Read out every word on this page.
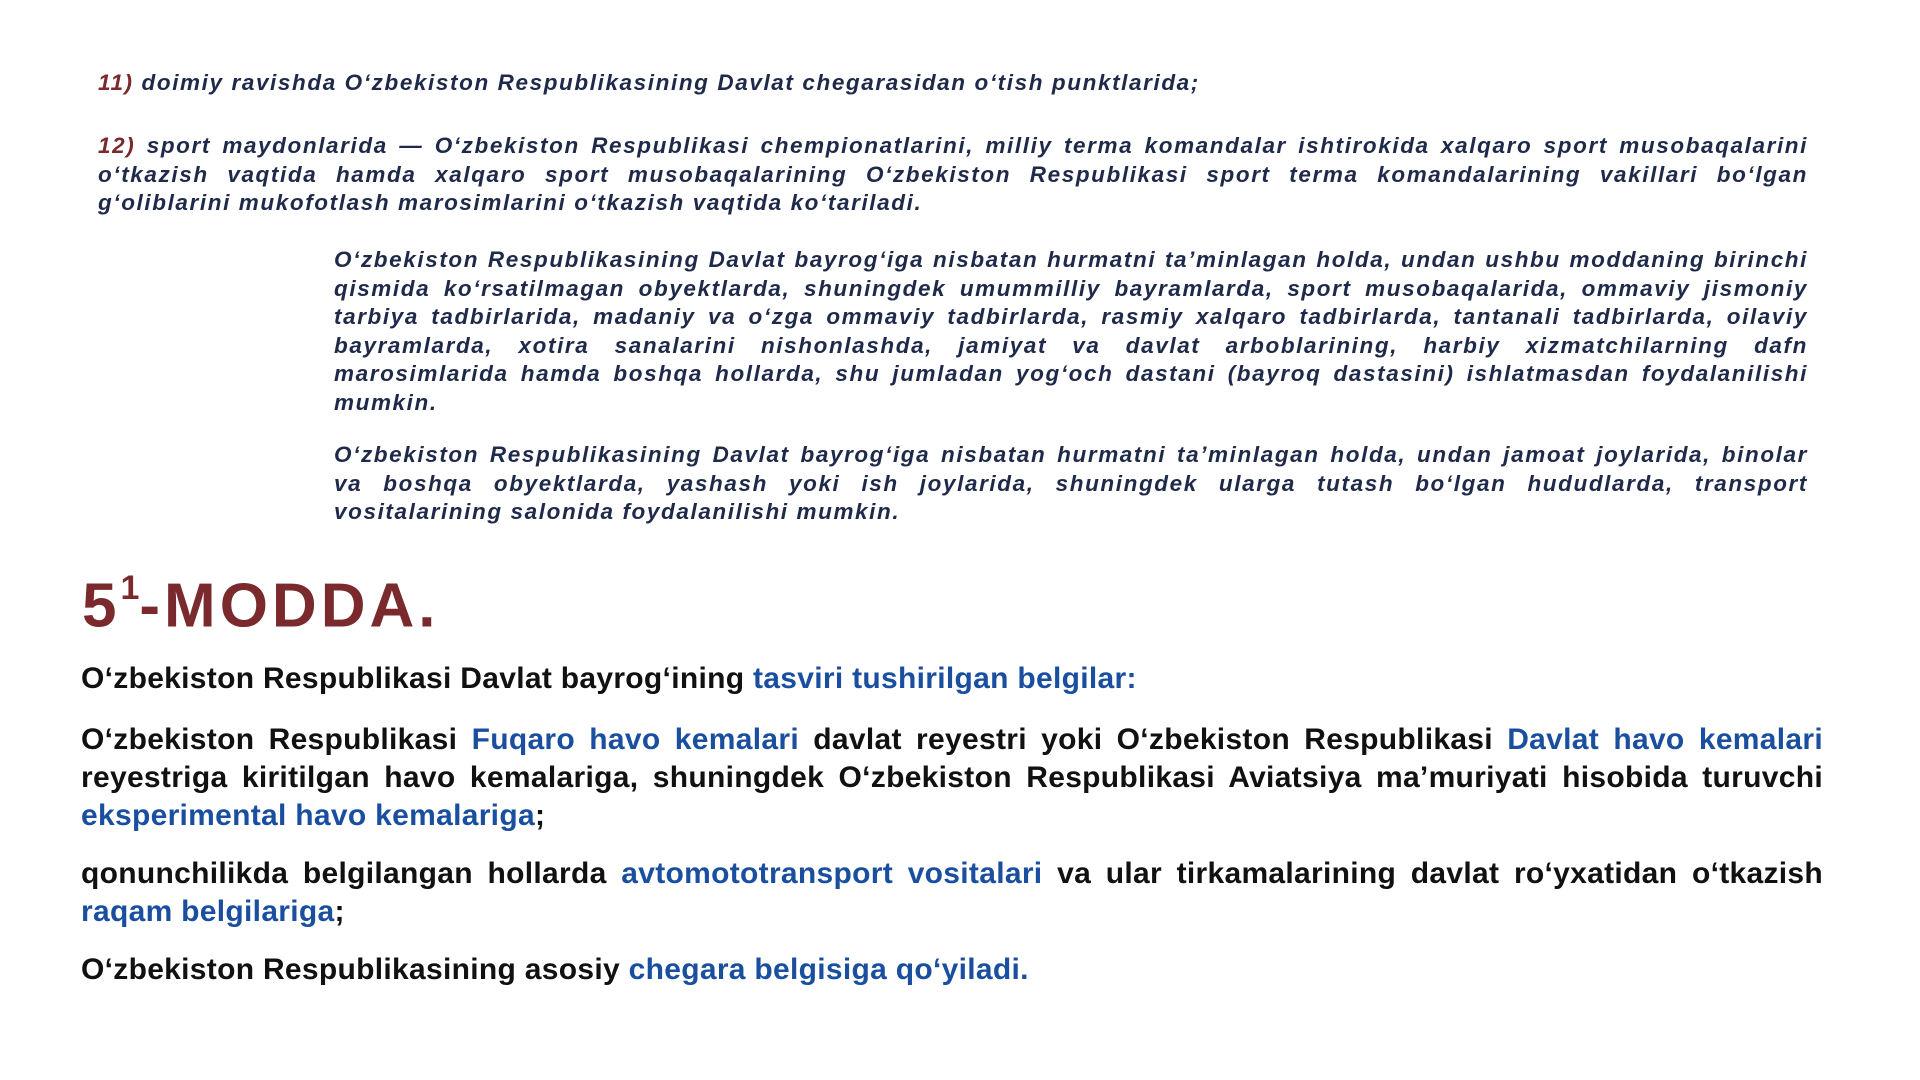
11) doimiy ravishda O‘zbekiston Respublikasining Davlat chegarasidan o‘tish punktlarida;

12) sport maydonlarida — O‘zbekiston Respublikasi chempionatlarini, milliy terma komandalar ishtirokida xalqaro sport musobaqalarini o‘tkazish vaqtida hamda xalqaro sport musobaqalarining O‘zbekiston Respublikasi sport terma komandalarining vakillari bo‘lgan g‘oliblarini mukofotlash marosimlarini o‘tkazish vaqtida ko‘tariladi.

O‘zbekiston Respublikasining Davlat bayrog‘iga nisbatan hurmatni ta’minlagan holda, undan ushbu moddaning birinchi qismida ko‘rsatilmagan obyektlarda, shuningdek umummilliy bayramlarda, sport musobaqalarida, ommaviy jismoniy tarbiya tadbirlarida, madaniy va o‘zga ommaviy tadbirlarda, rasmiy xalqaro tadbirlarda, tantanali tadbirlarda, oilaviy bayramlarda, xotira sanalarini nishonlashda, jamiyat va davlat arboblarining, harbiy xizmatchilarning dafn marosimlarida hamda boshqa hollarda, shu jumladan yog‘och dastani (bayroq dastasini) ishlatmasdan foydalanilishi mumkin.

O‘zbekiston Respublikasining Davlat bayrog‘iga nisbatan hurmatni ta’minlagan holda, undan jamoat joylarida, binolar va boshqa obyektlarda, yashash yoki ish joylarida, shuningdek ularga tutash bo‘lgan hududlarda, transport vositalarining salonida foydalanilishi mumkin.

$5^1$-MODDA.

O‘zbekiston Respublikasi Davlat bayrog‘ining tasviri tushirilgan belgilar:

O‘zbekiston Respublikasi Fuqaro havo kemalari davlat reyestri yoki O‘zbekiston Respublikasi Davlat havo kemalari reyestriga kiritilgan havo kemalariga, shuningdek O‘zbekiston Respublikasi Aviatsiya ma’muriyati hisobida turuvchi eksperimental havo kemalariga;

qonunchilikda belgilangan hollarda avtomototransport vositalari va ular tirkamalarining davlat ro‘yxatidan o‘tkazish raqam belgilariga;

O‘zbekiston Respublikasining asosiy chegara belgisiga qo‘yiladi.
